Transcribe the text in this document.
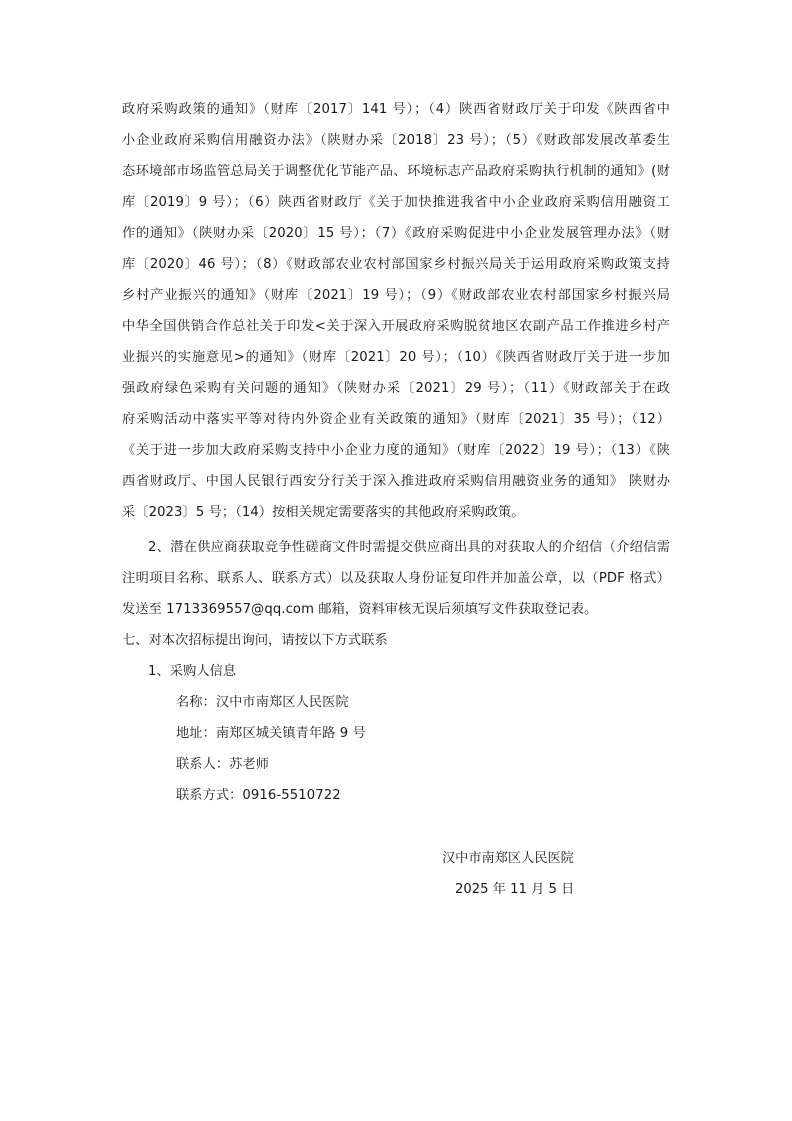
政府采购政策的通知》（财库〔2017〕141 号）；（4）陕西省财政厅关于印发《陕西省中
小企业政府采购信用融资办法》（陕财办采〔2018〕23 号）；（5）《财政部发展改革委生
态环境部市场监管总局关于调整优化节能产品、环境标志产品政府采购执行机制的通知》(财
库〔2019〕9 号）；（6）陕西省财政厅《关于加快推进我省中小企业政府采购信用融资工
作的通知》（陕财办采〔2020〕15 号）；（7）《政府采购促进中小企业发展管理办法》（财
库〔2020〕46 号）；（8）《财政部农业农村部国家乡村振兴局关于运用政府采购政策支持
乡村产业振兴的通知》（财库〔2021〕19 号）；（9）《财政部农业农村部国家乡村振兴局
中华全国供销合作总社关于印发<关于深入开展政府采购脱贫地区农副产品工作推进乡村产
业振兴的实施意见>的通知》（财库〔2021〕20 号）；（10）《陕西省财政厅关于进一步加
强政府绿色采购有关问题的通知》（陕财办采〔2021〕29 号）；（11）《财政部关于在政
府采购活动中落实平等对待内外资企业有关政策的通知》（财库〔2021〕35 号）；（12）
《关于进一步加大政府采购支持中小企业力度的通知》（财库〔2022〕19 号）；（13）《陕
西省财政厅、中国人民银行西安分行关于深入推进政府采购信用融资业务的通知》 陕财办
采〔2023〕5 号；（14）按相关规定需要落实的其他政府采购政策。
2、潜在供应商获取竞争性磋商文件时需提交供应商出具的对获取人的介绍信（介绍信需
注明项目名称、联系人、联系方式）以及获取人身份证复印件并加盖公章，以（PDF 格式）
发送至 1713369557@qq.com 邮箱，资料审核无误后须填写文件获取登记表。
七、对本次招标提出询问，请按以下方式联系
1、采购人信息
名称：汉中市南郑区人民医院
地址：南郑区城关镇青年路 9 号
联系人：苏老师
联系方式：0916-5510722
汉中市南郑区人民医院
2025 年 11 月 5 日
